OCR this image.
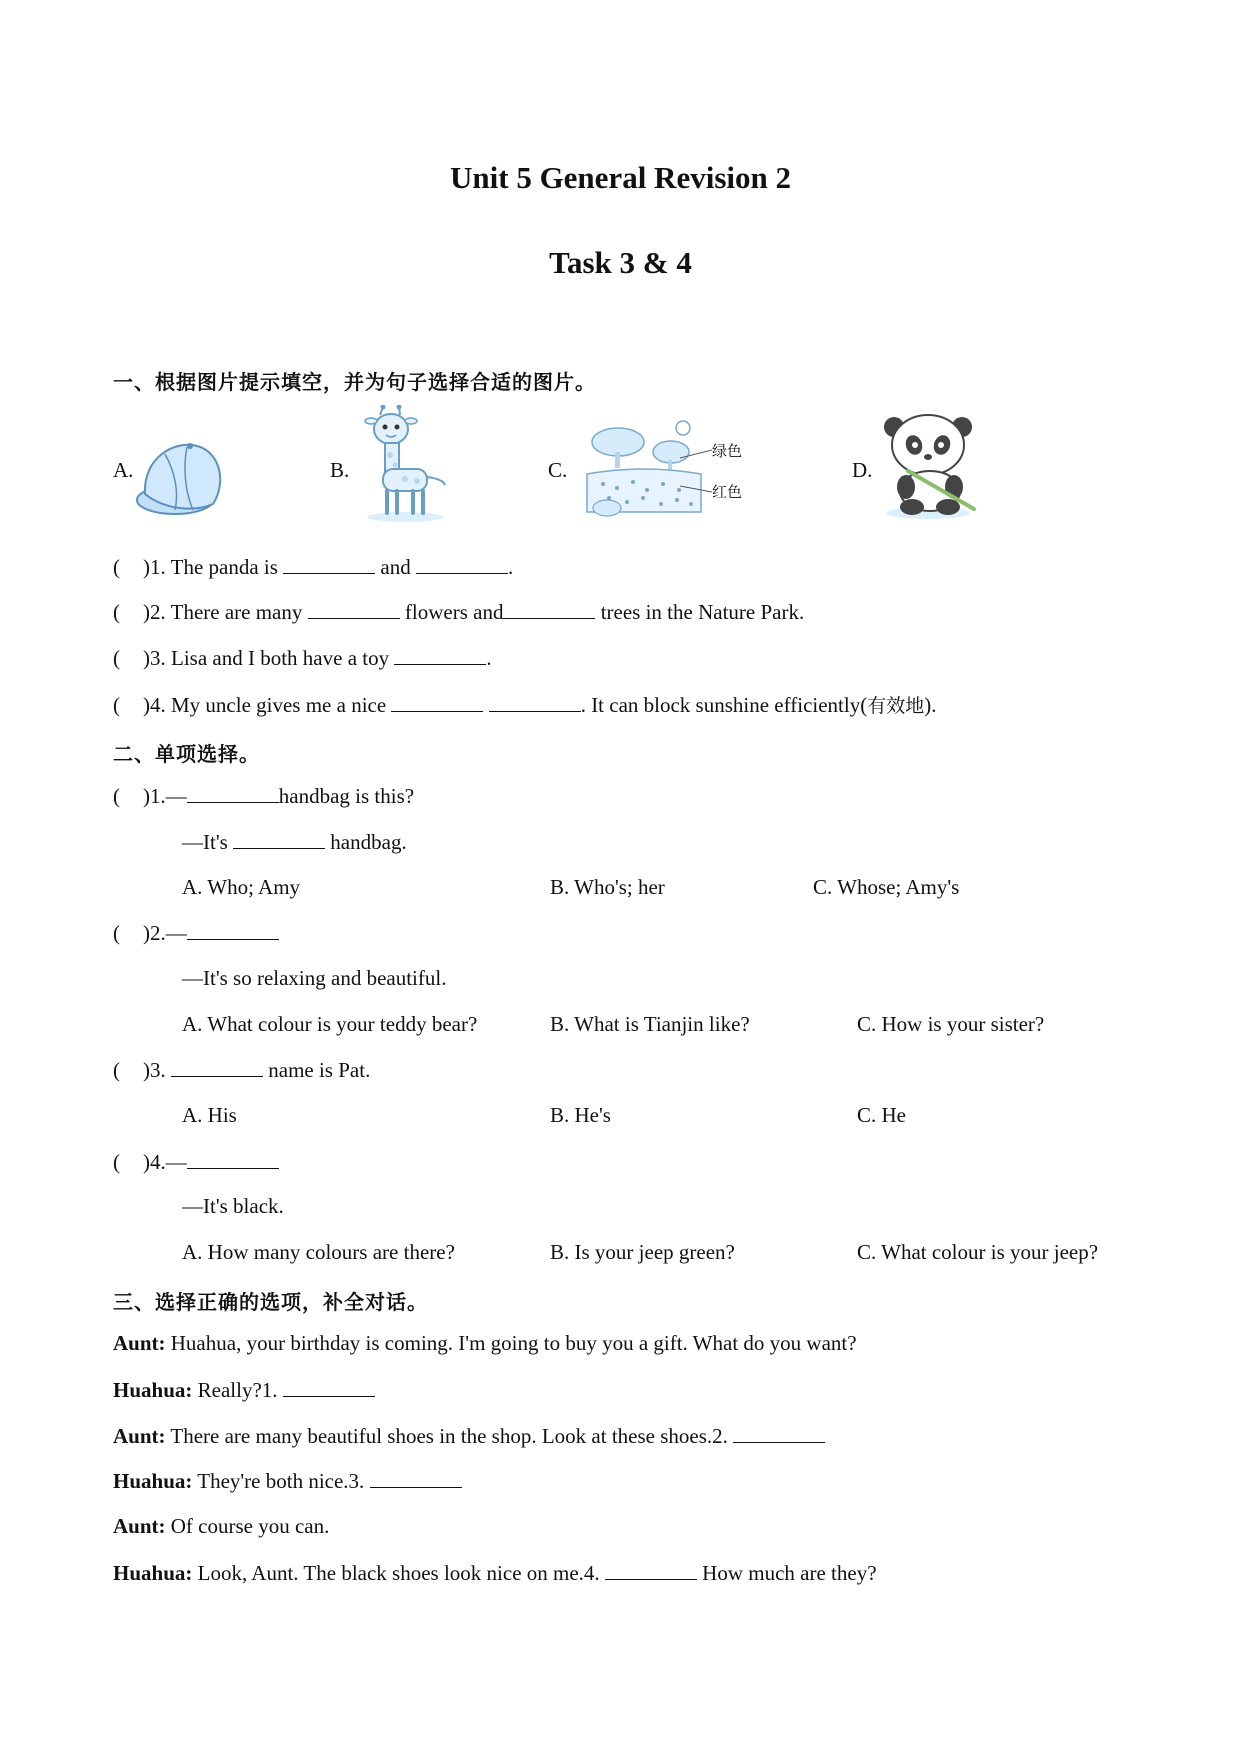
Unit 5 General Revision 2
Task 3 & 4
一、根据图片提示填空，并为句子选择合适的图片。
A.	B.	C.
绿色
红色
D.
( )1. The panda is	and	.
( )2. There are many	flowers and	trees in the Nature Park.
( )3. Lisa and I both have a toy	.
( )4. My uncle gives me a nice	. It can block sunshine efficiently(有效地).
二、单项选择。
( )1.—	handbag is this?
—It's	handbag.
A. Who; Amy	B. Who's; her	C. Whose; Amy's
( )2.—
—It's so relaxing and beautiful.
A. What colour is your teddy bear?	B. What is Tianjin like?	C. How is your sister?
( )3.	name is Pat.
A. His	B. He's	C. He
( )4.—
—It's black.
A. How many colours are there?	B. Is your jeep green?	C. What colour is your jeep?
三、选择正确的选项，补全对话。
Aunt: Huahua, your birthday is coming. I'm going to buy you a gift. What do you want?
Huahua: Really?1.
Aunt: There are many beautiful shoes in the shop. Look at these shoes.2.
Huahua: They're both nice.3.
Aunt: Of course you can.
Huahua: Look, Aunt. The black shoes look nice on me.4.	How much are they?
